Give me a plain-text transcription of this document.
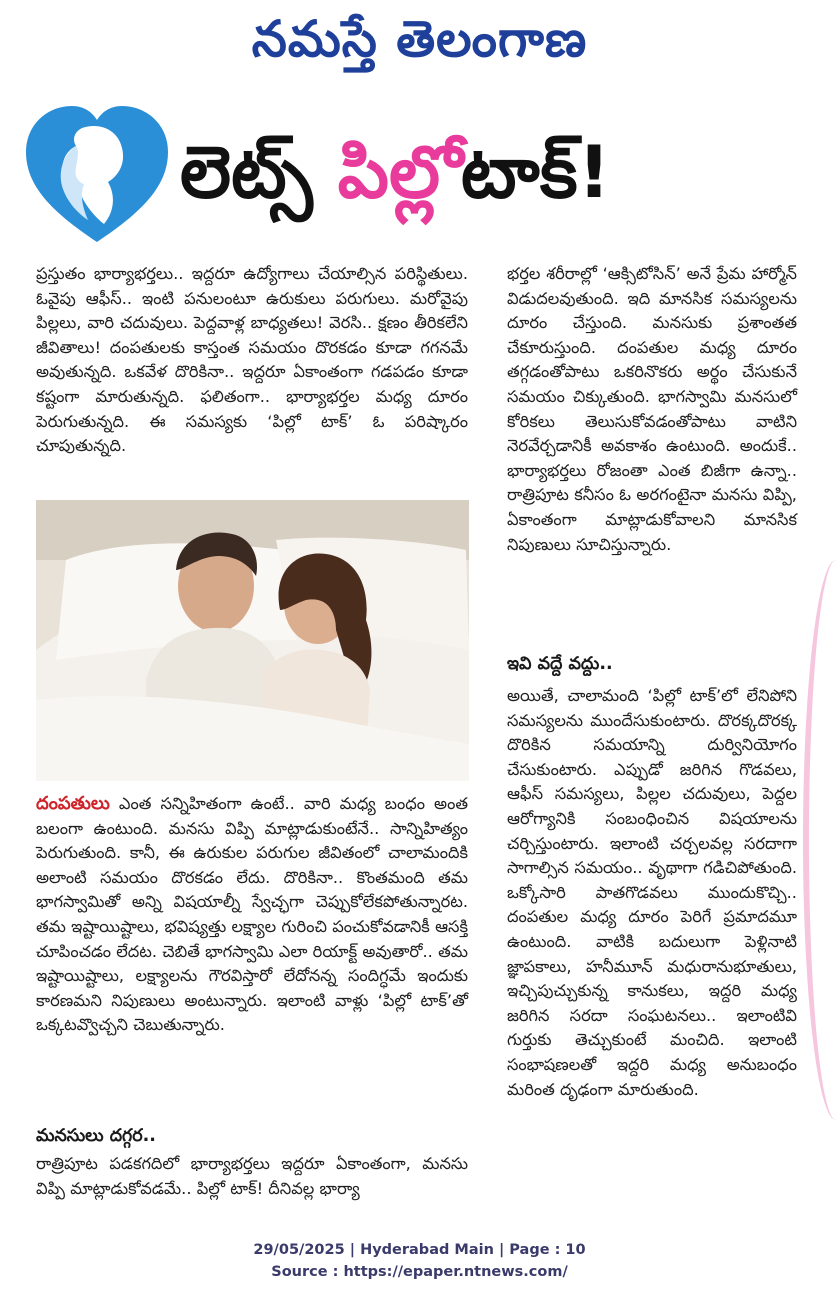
నమస్తే తెలంగాణ
లెట్స్ పిల్లోటాక్!

ప్రస్తుతం భార్యాభర్తలు.. ఇద్దరూ ఉద్యోగాలు చేయాల్సిన పరిస్థితులు. ఓవైపు ఆఫీస్.. ఇంటి పనులంటూ ఉరుకులు పరుగులు. మరోవైపు పిల్లలు, వారి చదువులు. పెద్దవాళ్ల బాధ్యతలు! వెరసి.. క్షణం తీరికలేని జీవితాలు! దంపతులకు కాస్తంత సమయం దొరకడం కూడా గగనమే అవుతున్నది. ఒకవేళ దొరికినా.. ఇద్దరూ ఏకాంతంగా గడపడం కూడా కష్టంగా మారుతున్నది. ఫలితంగా.. భార్యాభర్తల మధ్య దూరం పెరుగుతున్నది. ఈ సమస్యకు ‘పిల్లో టాక్’ ఓ పరిష్కారం చూపుతున్నది.

దంపతులు ఎంత సన్నిహితంగా ఉంటే.. వారి మధ్య బంధం అంత బలంగా ఉంటుంది. మనసు విప్పి మాట్లాడుకుంటేనే.. సాన్నిహిత్యం పెరుగుతుంది. కానీ, ఈ ఉరుకుల పరుగుల జీవితంలో చాలామందికి అలాంటి సమయం దొరకడం లేదు. దొరికినా.. కొంతమంది తమ భాగస్వామితో అన్ని విషయాల్నీ స్వేచ్ఛగా చెప్పుకోలేకపోతున్నారట. తమ ఇష్టాయిష్టాలు, భవిష్యత్తు లక్ష్యాల గురించి పంచుకోవడానికీ ఆసక్తి చూపించడం లేదట. చెబితే భాగస్వామి ఎలా రియాక్ట్ అవుతారో.. తమ ఇష్టాయిష్టాలు, లక్ష్యాలను గౌరవిస్తారో లేదోనన్న సందిగ్ధమే ఇందుకు కారణమని నిపుణులు అంటున్నారు. ఇలాంటి వాళ్లు ‘పిల్లో టాక్’తో ఒక్కటవ్వొచ్చని చెబుతున్నారు.

మనసులు దగ్గర..

రాత్రిపూట పడకగదిలో భార్యాభర్తలు ఇద్దరూ ఏకాంతంగా, మనసు విప్పి మాట్లాడుకోవడమే.. పిల్లో టాక్! దీనివల్ల భార్యా

భర్తల శరీరాల్లో ‘ఆక్సిటోసిన్’ అనే ప్రేమ హార్మోన్ విడుదలవుతుంది. ఇది మానసిక సమస్యలను దూరం చేస్తుంది. మనసుకు ప్రశాంతత చేకూరుస్తుంది. దంపతుల మధ్య దూరం తగ్గడంతోపాటు ఒకరినొకరు అర్థం చేసుకునే సమయం చిక్కుతుంది. భాగస్వామి మనసులో కోరికలు తెలుసుకోవడంతోపాటు వాటిని నెరవేర్చడానికీ అవకాశం ఉంటుంది. అందుకే.. భార్యాభర్తలు రోజంతా ఎంత బిజీగా ఉన్నా.. రాత్రిపూట కనీసం ఓ అరగంటైనా మనసు విప్పి, ఏకాంతంగా మాట్లాడుకోవాలని మానసిక నిపుణులు సూచిస్తున్నారు.

ఇవి వద్దే వద్దు..

అయితే, చాలామంది ‘పిల్లో టాక్’లో లేనిపోని సమస్యలను ముందేసుకుంటారు. దొరక్కదొరక్క దొరికిన సమయాన్ని దుర్వినియోగం చేసుకుంటారు. ఎప్పుడో జరిగిన గొడవలు, ఆఫీస్ సమస్యలు, పిల్లల చదువులు, పెద్దల ఆరోగ్యానికి సంబంధించిన విషయాలను చర్చిస్తుంటారు. ఇలాంటి చర్చలవల్ల సరదాగా సాగాల్సిన సమయం.. వృథాగా గడిచిపోతుంది. ఒక్కోసారి పాతగొడవలు ముందుకొచ్చి.. దంపతుల మధ్య దూరం పెరిగే ప్రమాదమూ ఉంటుంది. వాటికి బదులుగా పెళ్లినాటి జ్ఞాపకాలు, హనీమూన్ మధురానుభూతులు, ఇచ్చిపుచ్చుకున్న కానుకలు, ఇద్దరి మధ్య జరిగిన సరదా సంఘటనలు.. ఇలాంటివి గుర్తుకు తెచ్చుకుంటే మంచిది. ఇలాంటి సంభాషణలతో ఇద్దరి మధ్య అనుబంధం మరింత దృఢంగా మారుతుంది.

29/05/2025 | Hyderabad Main | Page : 10
Source : https://epaper.ntnews.com/
